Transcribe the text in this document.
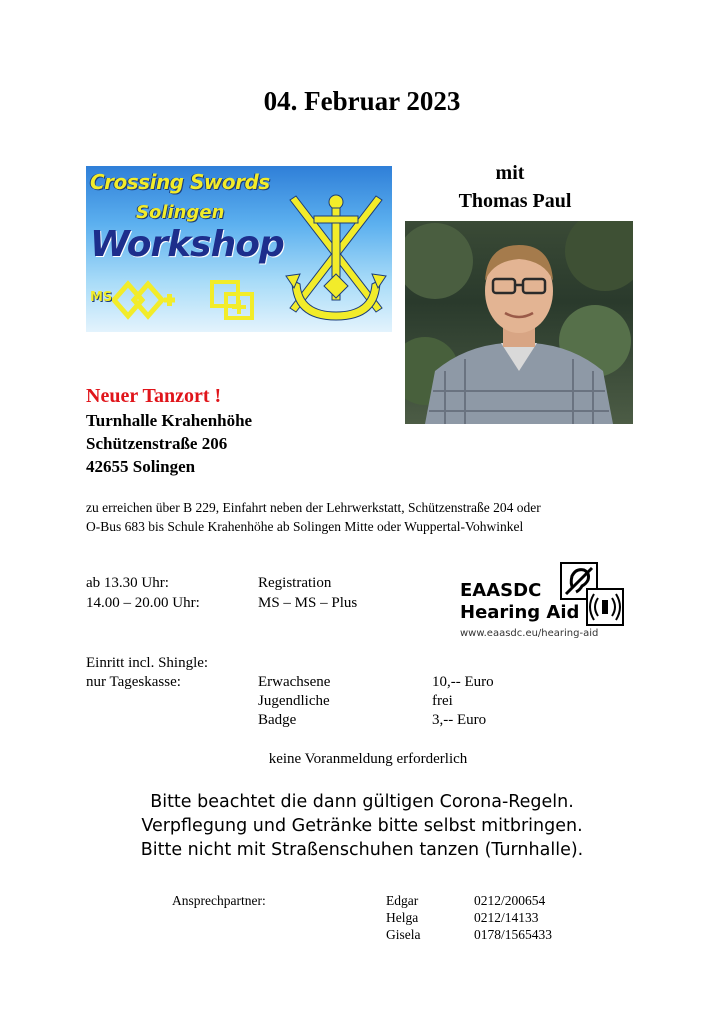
04. Februar 2023
Crossing Swords
Solingen
Workshop
MS
mit
Thomas Paul
Neuer Tanzort !
Turnhalle Krahenhöhe
Schützenstraße 206
42655 Solingen
zu erreichen über B 229, Einfahrt neben der Lehrwerkstatt, Schützenstraße 204 oder
O-Bus 683 bis Schule Krahenhöhe ab Solingen Mitte oder Wuppertal-Vohwinkel
ab 13.30 Uhr:	Registration
14.00 – 20.00 Uhr:	MS – MS – Plus
EAASDC
Hearing Aid
www.eaasdc.eu/hearing-aid
Einritt incl. Shingle:
nur Tageskasse:	Erwachsene	10,-- Euro
Jugendliche	frei
Badge	3,-- Euro
keine Voranmeldung erforderlich
Bitte beachtet die dann gültigen Corona-Regeln.
Verpflegung und Getränke bitte selbst mitbringen.
Bitte nicht mit Straßenschuhen tanzen (Turnhalle).
Ansprechpartner:	Edgar	0212/200654
Helga	0212/14133
Gisela	0178/1565433
